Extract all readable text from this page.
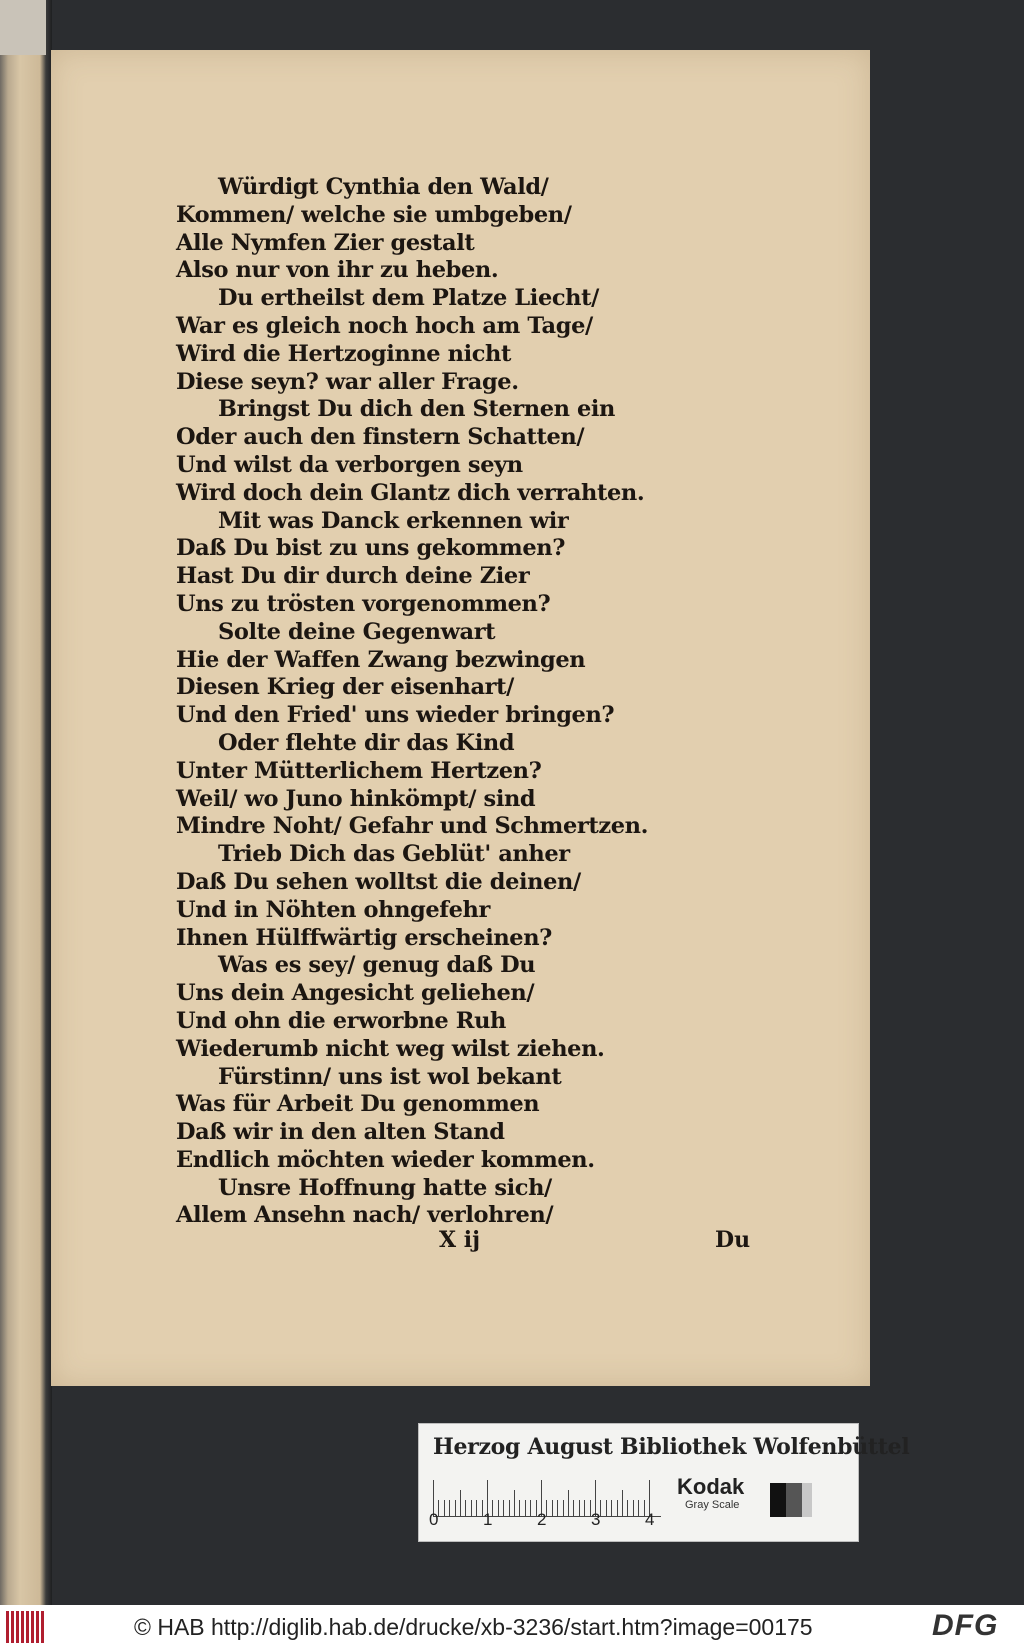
Würdigt Cynthia den Wald/
Kommen/ welche sie umbgeben/
Alle Nymfen Zier gestalt
Also nur von ihr zu heben.
Du ertheilst dem Platze Liecht/
War es gleich noch hoch am Tage/
Wird die Hertzoginne nicht
Diese seyn? war aller Frage.
Bringst Du dich den Sternen ein
Oder auch den finstern Schatten/
Und wilst da verborgen seyn
Wird doch dein Glantz dich verrahten.
Mit was Danck erkennen wir
Daß Du bist zu uns gekommen?
Hast Du dir durch deine Zier
Uns zu trösten vorgenommen?
Solte deine Gegenwart
Hie der Waffen Zwang bezwingen
Diesen Krieg der eisenhart/
Und den Fried' uns wieder bringen?
Oder flehte dir das Kind
Unter Mütterlichem Hertzen?
Weil/ wo Juno hinkömpt/ sind
Mindre Noht/ Gefahr und Schmertzen.
Trieb Dich das Geblüt' anher
Daß Du sehen wolltst die deinen/
Und in Nöhten ohngefehr
Ihnen Hülffwärtig erscheinen?
Was es sey/ genug daß Du
Uns dein Angesicht geliehen/
Und ohn die erworbne Ruh
Wiederumb nicht weg wilst ziehen.
Fürstinn/ uns ist wol bekant
Was für Arbeit Du genommen
Daß wir in den alten Stand
Endlich möchten wieder kommen.
Unsre Hoffnung hatte sich/
Allem Ansehn nach/ verlohren/
X ij	Du
Herzog August Bibliothek Wolfenbüttel
0	1	2	3	4
Kodak
Gray Scale
© HAB http://diglib.hab.de/drucke/xb-3236/start.htm?image=00175	DFG
